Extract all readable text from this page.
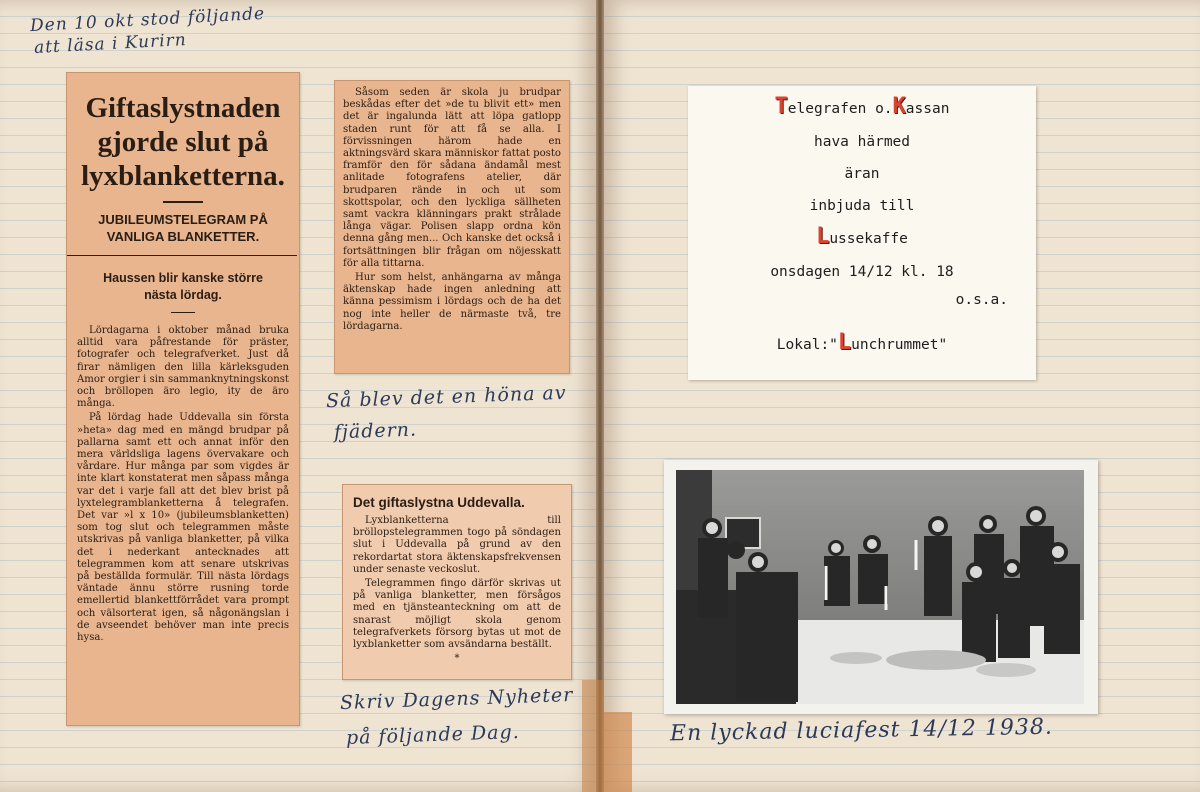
Den 10 okt stod följande
att läsa i Kurirn
Giftaslystnaden
gjorde slut på
lyxblanketterna.
JUBILEUMSTELEGRAM PÅ
VANLIGA BLANKETTER.
Haussen blir kanske större
nästa lördag.

Lördagarna i oktober månad bruka alltid vara påfrestande för präster, fotografer och telegrafverket. Just då firar nämligen den lilla kärleksguden Amor orgier i sin sammanknytningskonst och bröllopen äro legio, ity de äro många.

På lördag hade Uddevalla sin första »heta» dag med en mängd brudpar på pallarna samt ett och annat inför den mera världsliga lagens övervakare och vårdare. Hur många par som vigdes är inte klart konstaterat men såpass många var det i varje fall att det blev brist på lyxtelegramblanketterna å telegrafen. Det var »l x 10» (jubileumsblanketten) som tog slut och telegrammen måste utskrivas på vanliga blanketter, på vilka det i nederkant antecknades att telegrammen kom att senare utskrivas på beställda formulär. Till nästa lördags väntade ännu större rusning torde emellertid blankettförrådet vara prompt och välsorterat igen, så någonängslan i de avseendet behöver man inte precis hysa.

Såsom seden är skola ju brudpar beskådas efter det »de tu blivit ett» men det är ingalunda lätt att löpa gatlopp staden runt för att få se alla. I förvissningen härom hade en aktningsvärd skara människor fattat posto framför den för sådana ändamål mest anlitade fotografens atelier, där brudparen rände in och ut som skottspolar, och den lyckliga sällheten samt vackra klänningars prakt strålade långa vägar. Polisen slapp ordna kön denna gång men... Och kanske det också i fortsättningen blir frågan om nöjesskatt för alla tittarna.

Hur som helst, anhängarna av många äktenskap hade ingen anledning att känna pessimism i lördags och de ha det nog inte heller de närmaste två, tre lördagarna.

Så blev det en höna av
fjädern.
Det giftaslystna Uddevalla.

Lyxblanketterna till bröllopstelegrammen togo på söndagen slut i Uddevalla på grund av den rekordartat stora äktenskapsfrekvensen under senaste veckoslut.

Telegrammen fingo därför skrivas ut på vanliga blanketter, men försågos med en tjänsteanteckning om att de snarast möjligt skola genom telegrafverkets försorg bytas ut mot de lyxblanketter som avsändarna beställt.

*
Skriv Dagens Nyheter
på följande Dag.
Telegrafen o.Kassan
hava härmed
äran
inbjuda till
Lussekaffe
onsdagen 14/12 kl. 18
o.s.a.
Lokal:"Lunchrummet"
En lyckad luciafest 14/12 1938.
